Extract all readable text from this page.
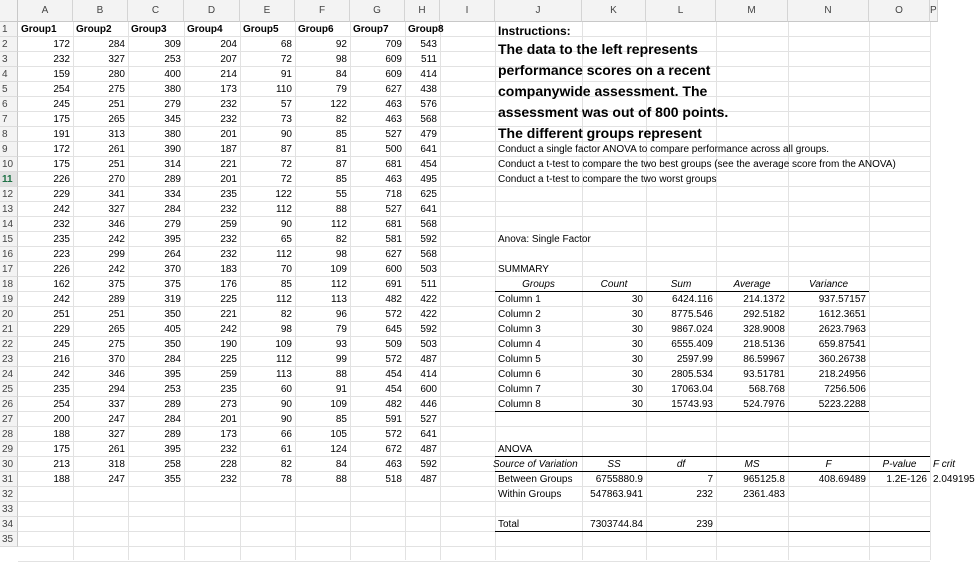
A	B	C	D	E	F	G	H	I	J	K	L	M	N	O	P
1
2
3
4
5
6
7
8
9
10
11
12
13
14
15
16
17
18
19
20
21
22
23
24
25
26
27
28
29
30
31
32
33
34
35
Group1 Group2 Group3 Group4 Group5 Group6 Group7 Group8
172	284	309	204	68	92	709	543
232	327	253	207	72	98	609	511
159	280	400	214	91	84	609	414
254	275	380	173	110	79	627	438
245	251	279	232	57	122	463	576
175	265	345	232	73	82	463	568
191	313	380	201	90	85	527	479
172	261	390	187	87	81	500	641
175	251	314	221	72	87	681	454
226	270	289	201	72	85	463	495
229	341	334	235	122	55	718	625
242	327	284	232	112	88	527	641
232	346	279	259	90	112	681	568
235	242	395	232	65	82	581	592
223	299	264	232	112	98	627	568
226	242	370	183	70	109	600	503
162	375	375	176	85	112	691	511
242	289	319	225	112	113	482	422
251	251	350	221	82	96	572	422
229	265	405	242	98	79	645	592
245	275	350	190	109	93	509	503
216	370	284	225	112	99	572	487
242	346	395	259	113	88	454	414
235	294	253	235	60	91	454	600
254	337	289	273	90	109	482	446
200	247	284	201	90	85	591	527
188	327	289	173	66	105	572	641
175	261	395	232	61	124	672	487
213	318	258	228	82	84	463	592
188	247	355	232	78	88	518	487
Instructions:
The data to the left represents
performance scores on a recent
companywide assessment. The
assessment was out of 800 points.
The different groups represent
Conduct a single factor ANOVA to compare performance across all groups.
Conduct a t-test to compare the two best groups (see the average score from the ANOVA)
Conduct a t-test to compare the two worst groups
Anova: Single Factor
SUMMARY
Groups	Count	Sum	Average	Variance
Column 1	30	6424.116	214.1372	937.57157
Column 2	30	8775.546	292.5182	1612.3651
Column 3	30	9867.024	328.9008	2623.7963
Column 4	30	6555.409	218.5136	659.87541
Column 5	30	2597.99	86.59967	360.26738
Column 6	30	2805.534	93.51781	218.24956
Column 7	30	17063.04	568.768	7256.506
Column 8	30	15743.93	524.7976	5223.2288
ANOVA
Source of Variation	SS	df	MS	F	P-value	F crit
Between Groups	6755880.9	7	965125.8	408.69489	1.2E-126 2.049195
Within Groups	547863.941	232	2361.483
Total	7303744.84	239
